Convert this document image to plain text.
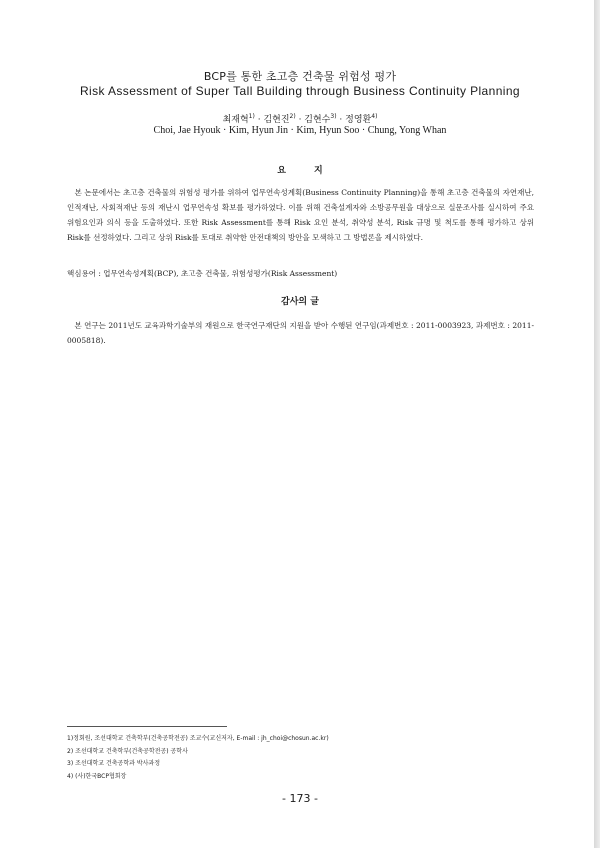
BCP를 통한 초고층 건축물 위험성 평가
Risk Assessment of Super Tall Building through Business Continuity Planning
최재혁$^{1)}$ · 김현진$^{2)}$ · 김현수$^{3)}$ · 정영환$^{4)}$
Choi, Jae Hyouk · Kim, Hyun Jin · Kim, Hyun Soo · Chung, Yong Whan
요지
본 논문에서는 초고층 건축물의 위험성 평가를 위하여 업무연속성계획(Business Continuity Planning)을 통해 초고층 건축물의 자연재난, 인적재난, 사회적재난 등의 재난시 업무연속성 확보를 평가하였다. 이를 위해 건축설계자와 소방공무원을 대상으로 실문조사를 실시하여 주요 위험요인과 의식 등을 도출하였다. 또한 Risk Assessment를 통해 Risk 요인 분석, 취약성 분석, Risk 규명 및 척도를 통해 평가하고 상위 Risk를 선정하였다. 그리고 상위 Risk를 토대로 취약한 안전대책의 방안을 모색하고 그 방법론을 제시하였다.
핵심용어 : 업무연속성계획(BCP), 초고층 건축물, 위험성평가(Risk Assessment)
감사의 글
본 연구는 2011년도 교육과학기술부의 재원으로 한국연구재단의 지원을 받아 수행된 연구임(과제번호 : 2011-0003923, 과제번호 : 2011-0005818).
1)정회원, 조선대학교 건축학부(건축공학전공) 조교수(교신저자, E-mail : jh_choi@chosun.ac.kr)
2) 조선대학교 건축학부(건축공학전공) 공학사
3) 조선대학교 건축공학과 박사과정
4) (사)한국BCP협회장
- 173 -
